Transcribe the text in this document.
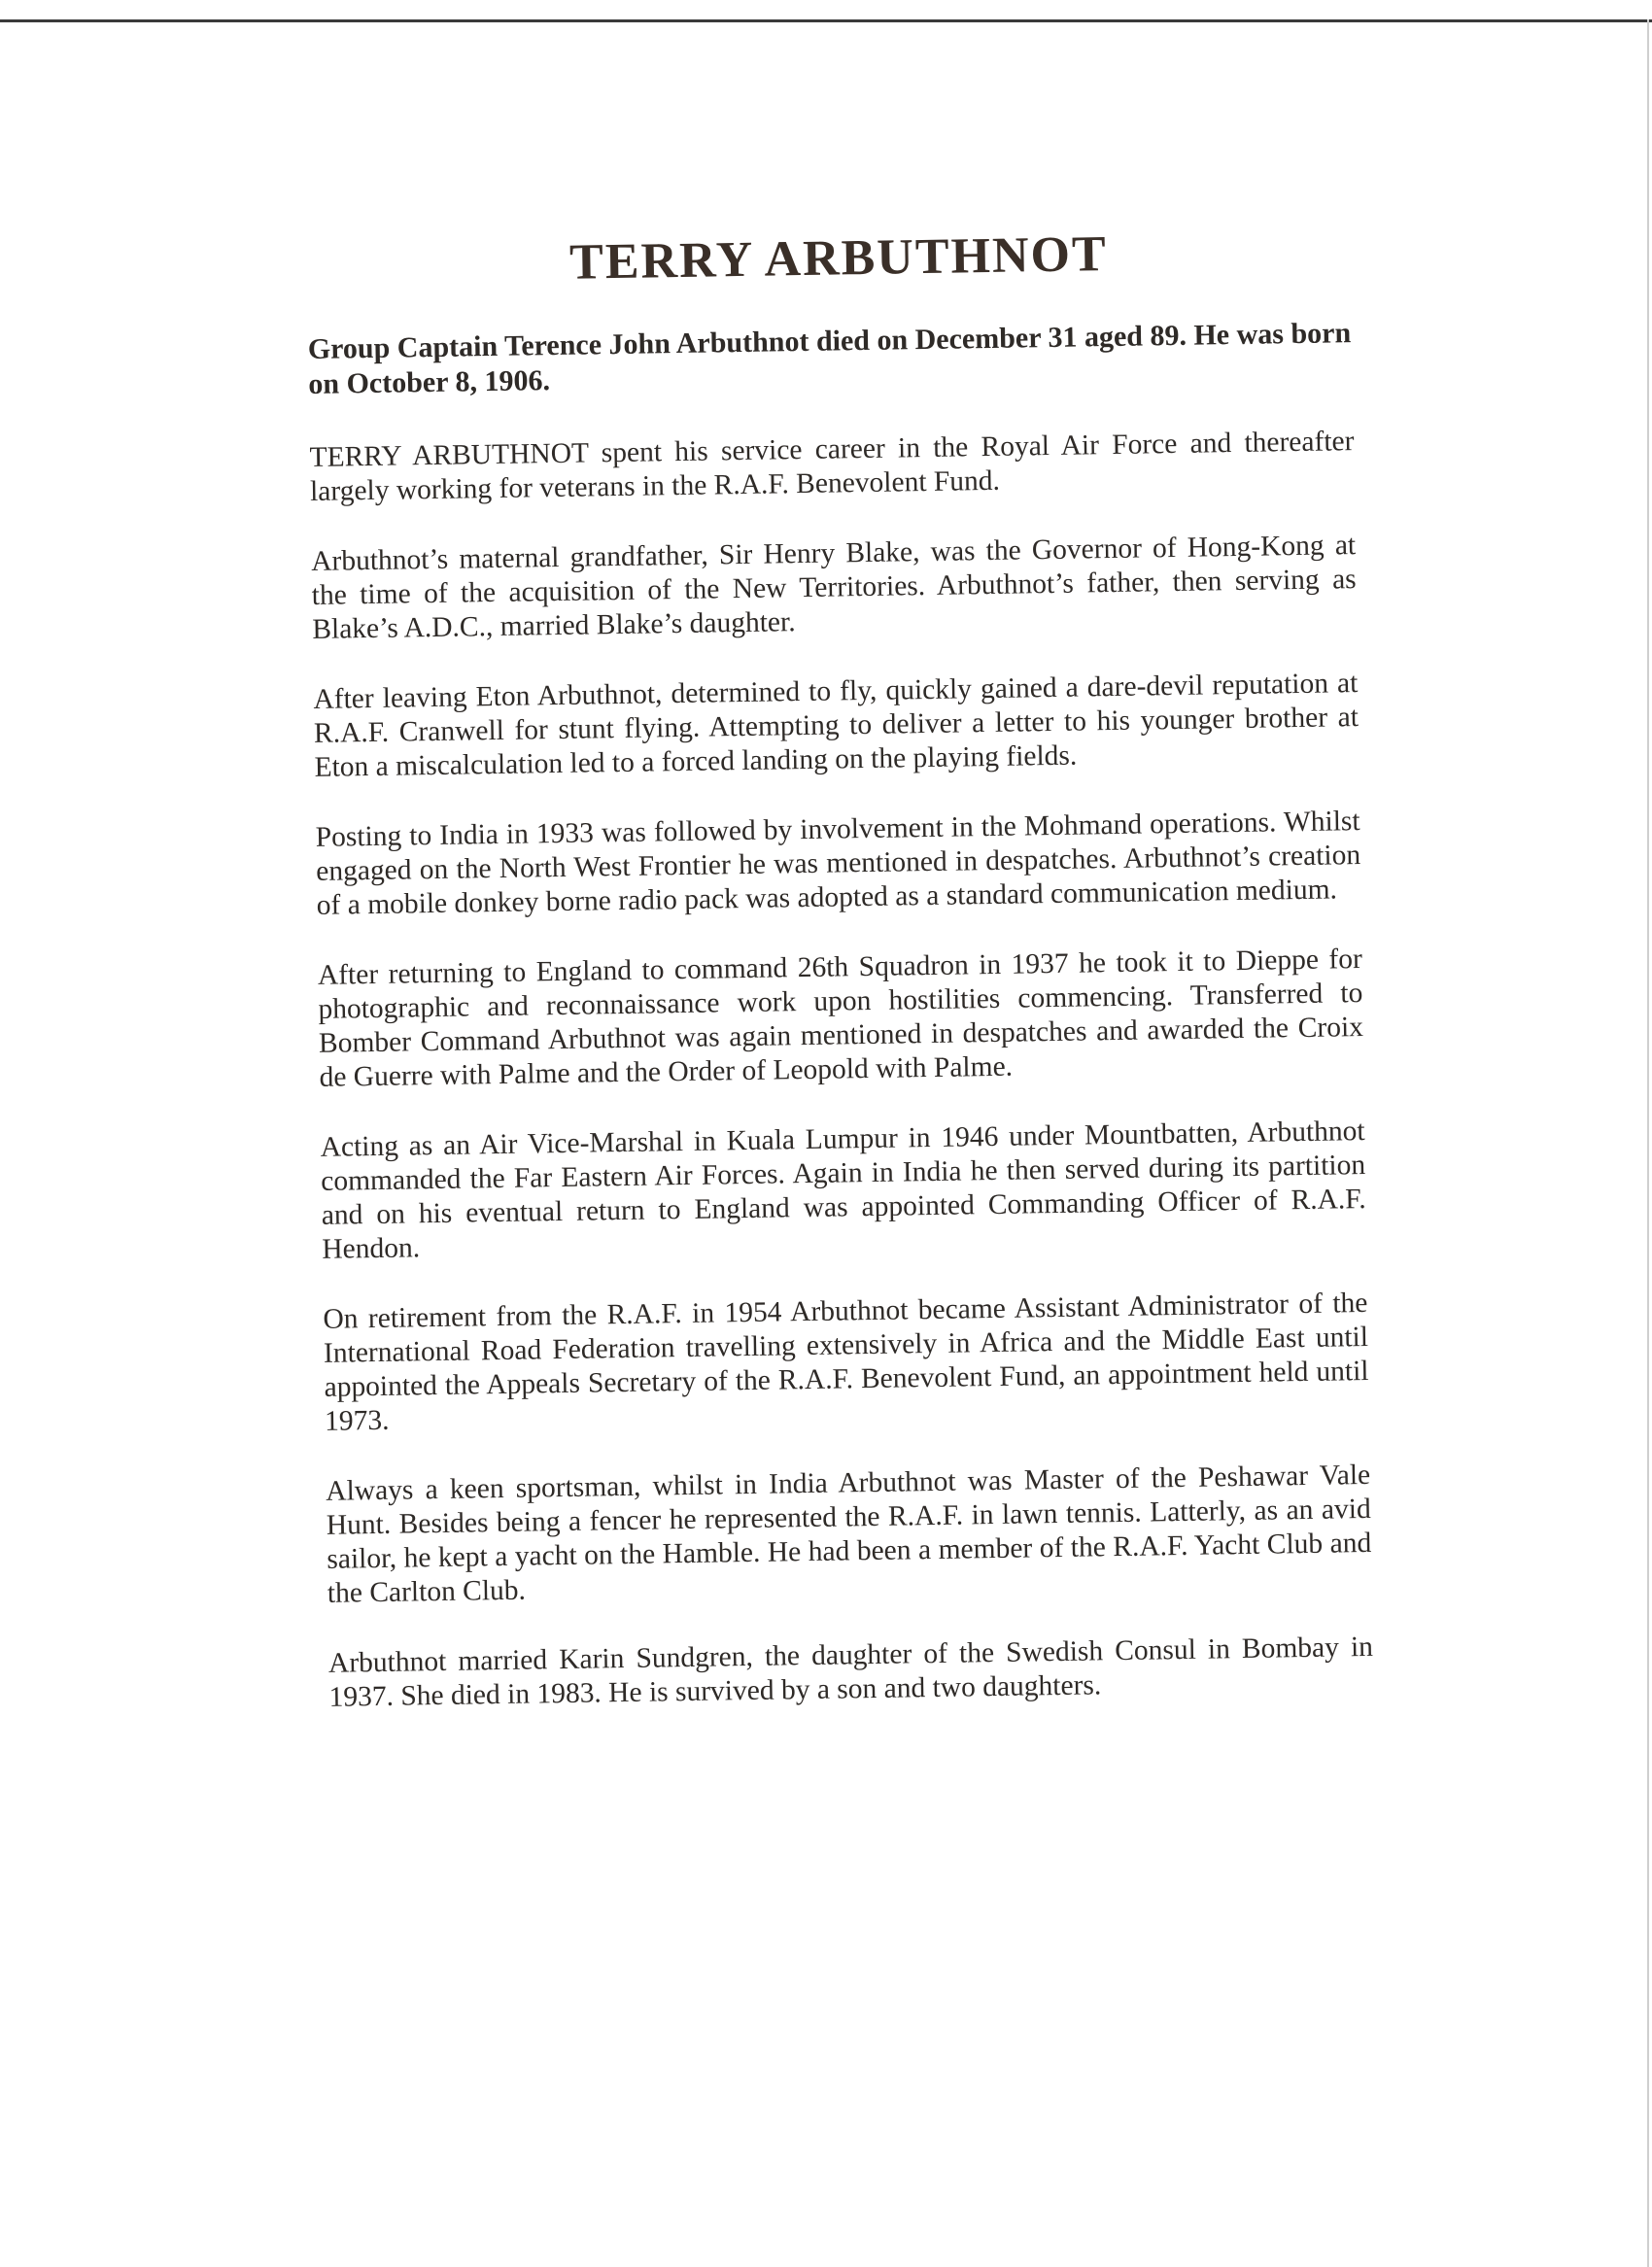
TERRY ARBUTHNOT

Group Captain Terence John Arbuthnot died on December 31 aged 89. He was born on October 8, 1906.

TERRY ARBUTHNOT spent his service career in the Royal Air Force and thereafter largely working for veterans in the R.A.F. Benevolent Fund.

Arbuthnot’s maternal grandfather, Sir Henry Blake, was the Governor of Hong-Kong at the time of the acquisition of the New Territories. Arbuthnot’s father, then serving as Blake’s A.D.C., married Blake’s daughter.

After leaving Eton Arbuthnot, determined to fly, quickly gained a dare-devil reputation at R.A.F. Cranwell for stunt flying. Attempting to deliver a letter to his younger brother at Eton a miscalculation led to a forced landing on the playing fields.

Posting to India in 1933 was followed by involvement in the Mohmand operations. Whilst engaged on the North West Frontier he was mentioned in despatches. Arbuthnot’s creation of a mobile donkey borne radio pack was adopted as a standard communication medium.

After returning to England to command 26th Squadron in 1937 he took it to Dieppe for photographic and reconnaissance work upon hostilities commencing. Transferred to Bomber Command Arbuthnot was again mentioned in despatches and awarded the Croix de Guerre with Palme and the Order of Leopold with Palme.

Acting as an Air Vice-Marshal in Kuala Lumpur in 1946 under Mountbatten, Arbuthnot commanded the Far Eastern Air Forces. Again in India he then served during its partition and on his eventual return to England was appointed Commanding Officer of R.A.F. Hendon.

On retirement from the R.A.F. in 1954 Arbuthnot became Assistant Administrator of the International Road Federation travelling extensively in Africa and the Middle East until appointed the Appeals Secretary of the R.A.F. Benevolent Fund, an appointment held until 1973.

Always a keen sportsman, whilst in India Arbuthnot was Master of the Peshawar Vale Hunt. Besides being a fencer he represented the R.A.F. in lawn tennis. Latterly, as an avid sailor, he kept a yacht on the Hamble. He had been a member of the R.A.F. Yacht Club and the Carlton Club.

Arbuthnot married Karin Sundgren, the daughter of the Swedish Consul in Bombay in 1937. She died in 1983. He is survived by a son and two daughters.
